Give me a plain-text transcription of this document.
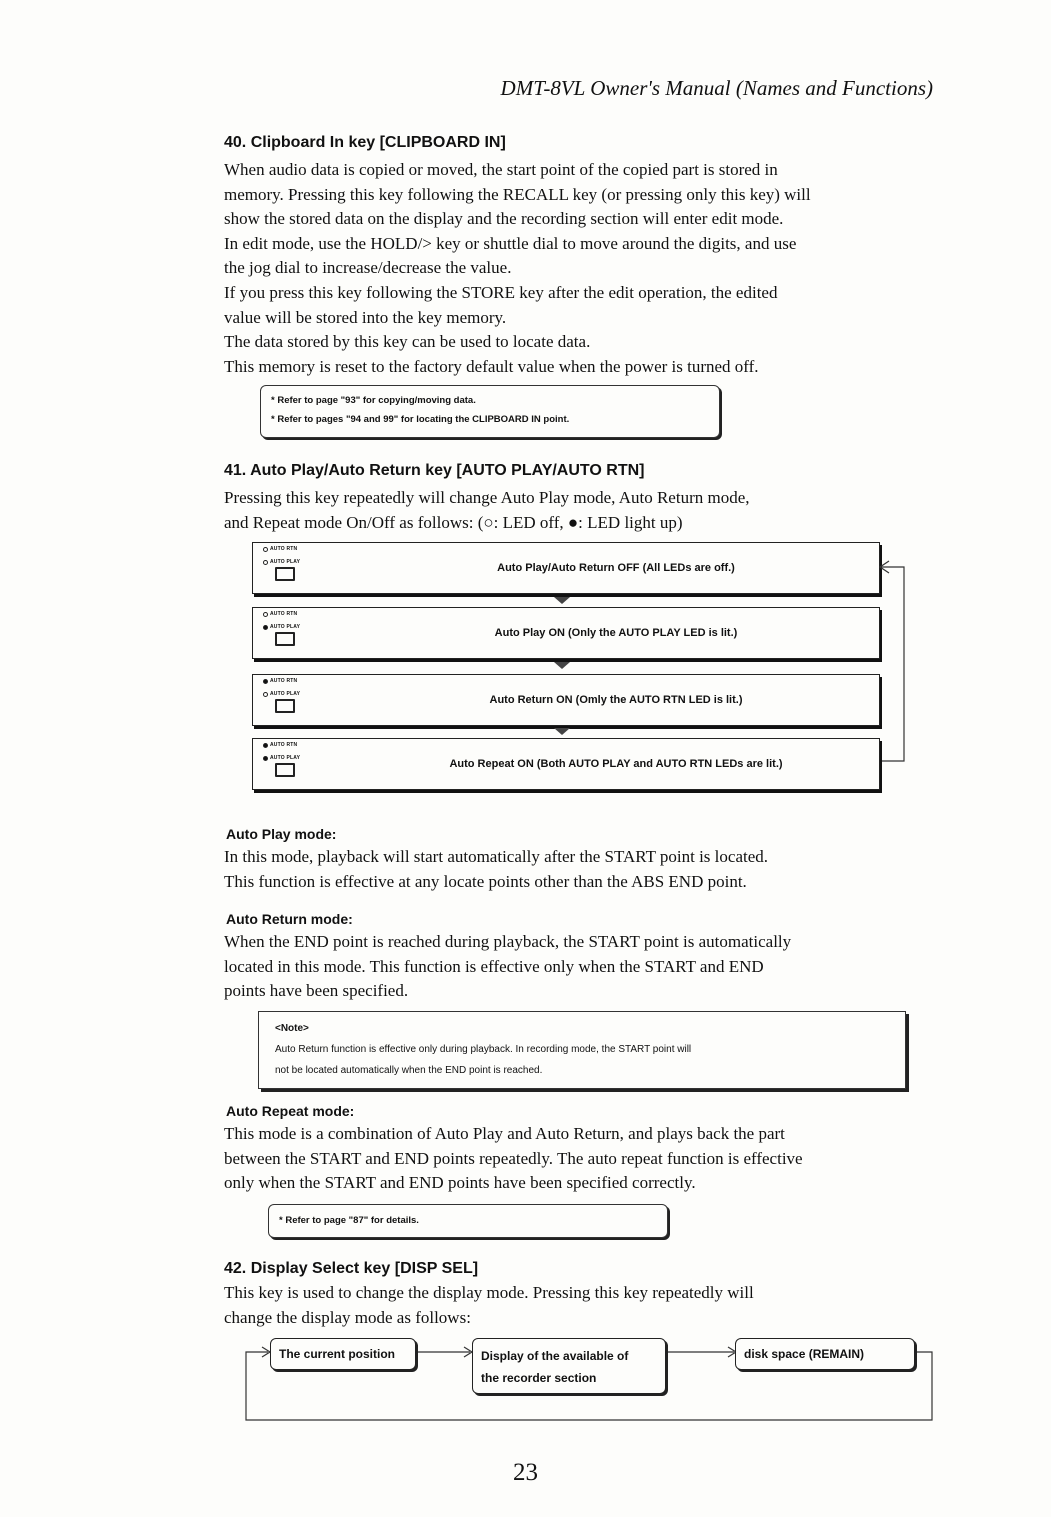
DMT-8VL Owner's Manual (Names and Functions)
40. Clipboard In key [CLIPBOARD IN]

When audio data is copied or moved, the start point of the copied part is stored in
memory. Pressing this key following the RECALL key (or pressing only this key) will
show the stored data on the display and the recording section will enter edit mode.
In edit mode, use the HOLD/> key or shuttle dial to move around the digits, and use
the jog dial to increase/decrease the value.
If you press this key following the STORE key after the edit operation, the edited
value will be stored into the key memory.
The data stored by this key can be used to locate data.
This memory is reset to the factory default value when the power is turned off.

* Refer to page "93" for copying/moving data.
* Refer to pages "94 and 99" for locating the CLIPBOARD IN point.
41. Auto Play/Auto Return key [AUTO PLAY/AUTO RTN]

Pressing this key repeatedly will change Auto Play mode, Auto Return mode,
and Repeat mode On/Off as follows: (○: LED off, ●: LED light up)

AUTO RTN
AUTO PLAY	Auto Play/Auto Return OFF (All LEDs are off.)
AUTO RTN
AUTO PLAY	Auto Play ON (Only the AUTO PLAY LED is lit.)
AUTO RTN
AUTO PLAY	Auto Return ON (Omly the AUTO RTN LED is lit.)
AUTO RTN
AUTO PLAY	Auto Repeat ON (Both AUTO PLAY and AUTO RTN LEDs are lit.)
Auto Play mode:

In this mode, playback will start automatically after the START point is located.
This function is effective at any locate points other than the ABS END point.

Auto Return mode:

When the END point is reached during playback, the START point is automatically
located in this mode. This function is effective only when the START and END
points have been specified.

<Note>
Auto Return function is effective only during playback. In recording mode, the START point will
not be located automatically when the END point is reached.
Auto Repeat mode:

This mode is a combination of Auto Play and Auto Return, and plays back the part
between the START and END points repeatedly. The auto repeat function is effective
only when the START and END points have been specified correctly.

* Refer to page "87" for details.
42. Display Select key [DISP SEL]

This key is used to change the display mode. Pressing this key repeatedly will
change the display mode as follows:

The current position	Display of the available of
the recorder section
disk space (REMAIN)
23
